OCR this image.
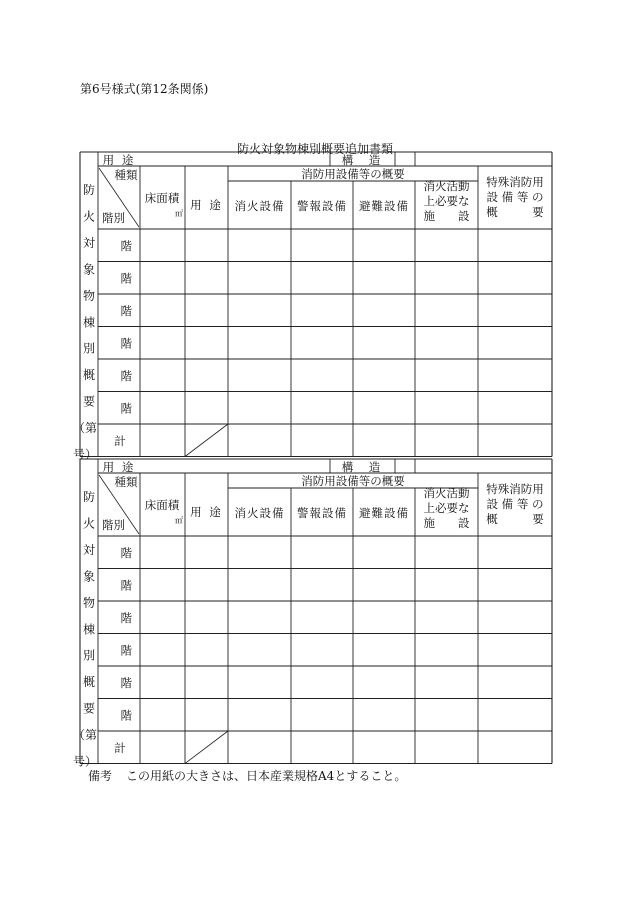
第6号様式(第12条関係)
防火対象物棟別概要追加書類
用 途	構　造
種類
階別
床面積
㎡
用 途
消防用設備等の概要
消火設備 警報設備 避難設備
消火活動
上必要な
施　　設
特殊消防用
設 備 等 の
概　　　要
階
階
階
階
階
階
計
防
火
対
象
物
棟
別
概
要
（第
号）
用 途	構　造
種類
階別
床面積
㎡
用 途
消防用設備等の概要
消火設備 警報設備 避難設備
消火活動
上必要な
施　　設
特殊消防用
設 備 等 の
概　　　要
階
階
階
階
階
階
計
防
火
対
象
物
棟
別
概
要
（第
号）
備考 この用紙の大きさは、日本産業規格A4とすること。
